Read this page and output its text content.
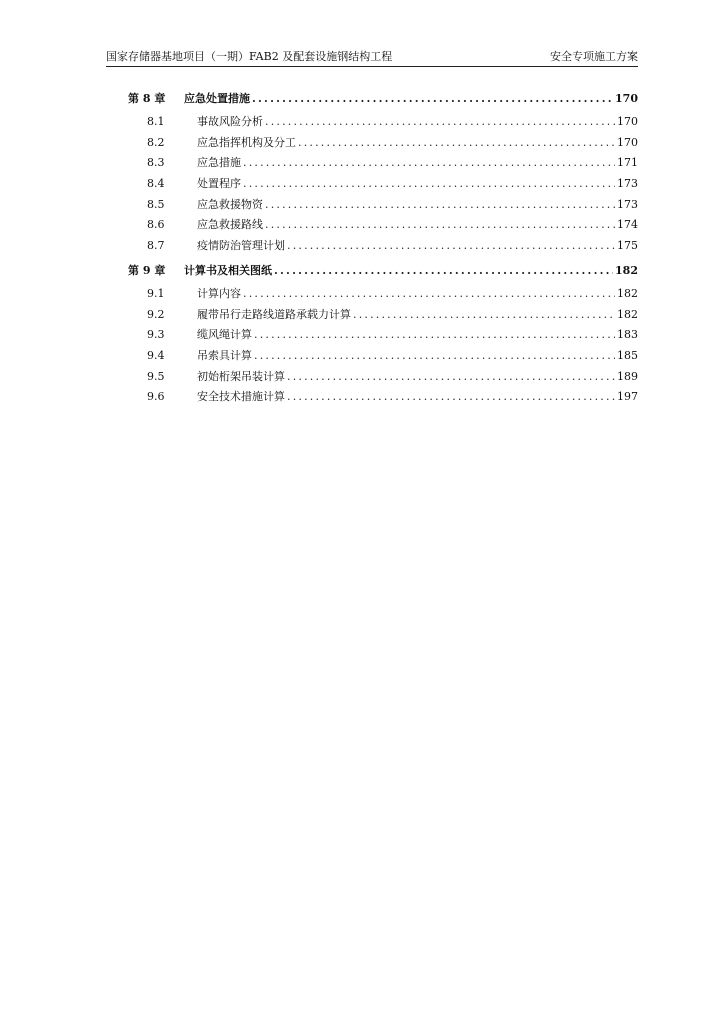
国家存储器基地项目（一期）FAB2 及配套设施钢结构工程	安全专项施工方案
第 8 章	应急处置措施 .....	170
8.1	事故风险分析 .....	170
8.2	应急指挥机构及分工 .....	170
8.3	应急措施 .....	171
8.4	处置程序 .....	173
8.5	应急救援物资 .....	173
8.6	应急救援路线 .....	174
8.7	疫情防治管理计划 .....	175
第 9 章	计算书及相关图纸 .....	182
9.1	计算内容 .....	182
9.2	履带吊行走路线道路承载力计算 .....	182
9.3	缆风绳计算 .....	183
9.4	吊索具计算 .....	185
9.5	初始桁架吊装计算 .....	189
9.6	安全技术措施计算 .....	197
